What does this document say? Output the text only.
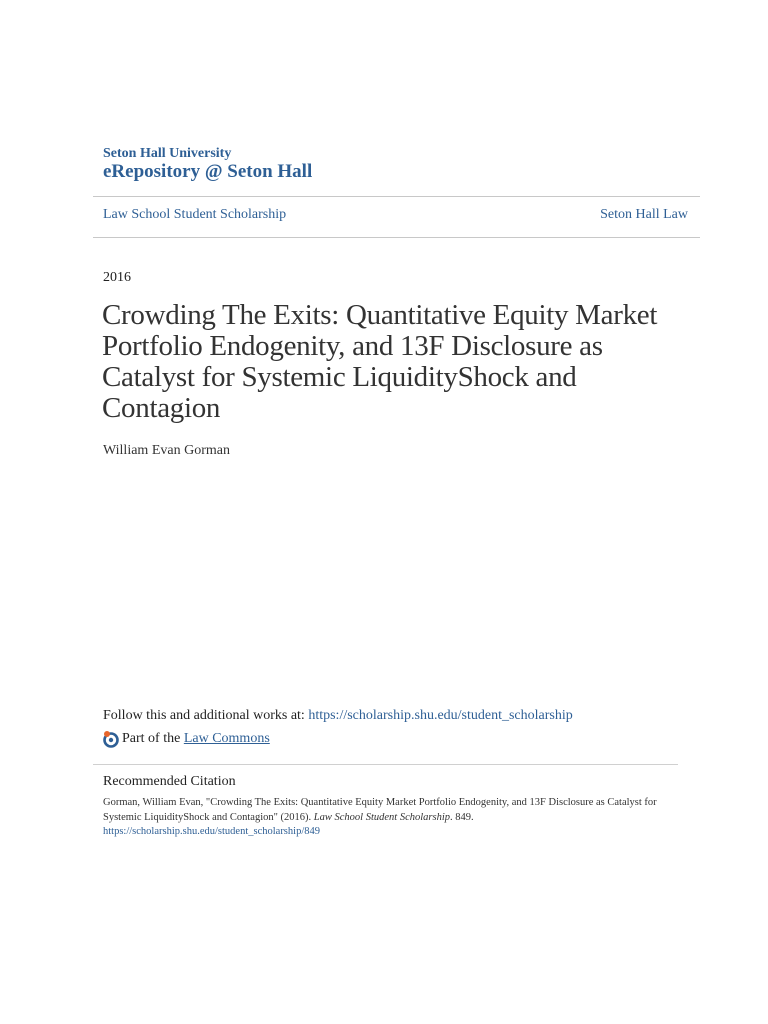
Seton Hall University
eRepository @ Seton Hall
Law School Student Scholarship	Seton Hall Law
2016
Crowding The Exits: Quantitative Equity Market Portfolio Endogenity, and 13F Disclosure as Catalyst for Systemic LiquidityShock and Contagion
William Evan Gorman
Follow this and additional works at: https://scholarship.shu.edu/student_scholarship
Part of the
Law Commons
Recommended Citation
Gorman, William Evan, "Crowding The Exits: Quantitative Equity Market Portfolio Endogenity, and 13F Disclosure as Catalyst for
Systemic LiquidityShock and Contagion" (2016). Law School Student Scholarship. 849.
https://scholarship.shu.edu/student_scholarship/849
